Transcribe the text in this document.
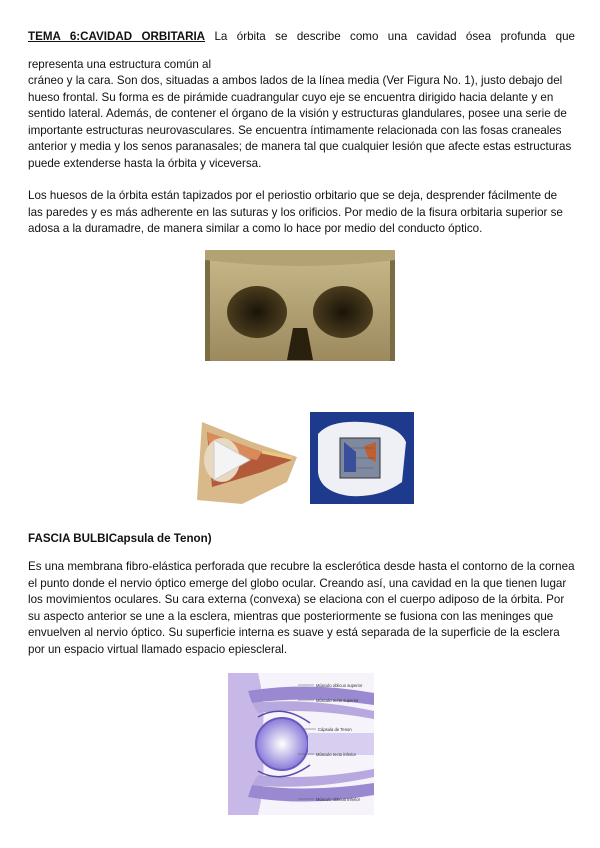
TEMA 6:CAVIDAD ORBITARIA La órbita se describe como una cavidad ósea profunda que

representa una estructura común al

cráneo y la cara. Son dos, situadas a ambos lados de la línea media (Ver Figura No. 1), justo debajo del hueso frontal. Su forma es de pirámide cuadrangular cuyo eje se encuentra dirigido hacia delante y en sentido lateral. Además, de contener el órgano de la visión y estructuras glandulares, posee una serie de importante estructuras neurovasculares. Se encuentra íntimamente relacionada con las fosas craneales anterior y media y los senos paranasales; de manera tal que cualquier lesión que afecte estas estructuras puede extenderse hasta la órbita y viceversa.

Los huesos de la órbita están tapizados por el periostio orbitario que se deja, desprender fácilmente de las paredes y es más adherente en las suturas y los orificios. Por medio de la fisura orbitaria superior se adosa a la duramadre, de manera similar a como lo hace por medio del conducto óptico.

FASCIA BULBICapsula de Tenon)

Es una membrana fibro-elástica perforada que recubre la esclerótica desde hasta el contorno de la cornea el punto donde el nervio óptico emerge del globo ocular. Creando así, una cavidad en la que tienen lugar los movimientos oculares. Su cara externa (convexa) se elaciona con el cuerpo adiposo de la órbita. Por su aspecto anterior se une a la esclera, mientras que posteriormente se fusiona con las meninges que envuelven al nervio óptico. Su superficie interna es suave y está separada de la superficie de la esclera por un espacio virtual llamado espacio epiescleral.

Músculo oblicuo superior
Músculo recto superior
Cápsula de Tenon
Músculo recto inferior
Músculo oblicuo inferior
